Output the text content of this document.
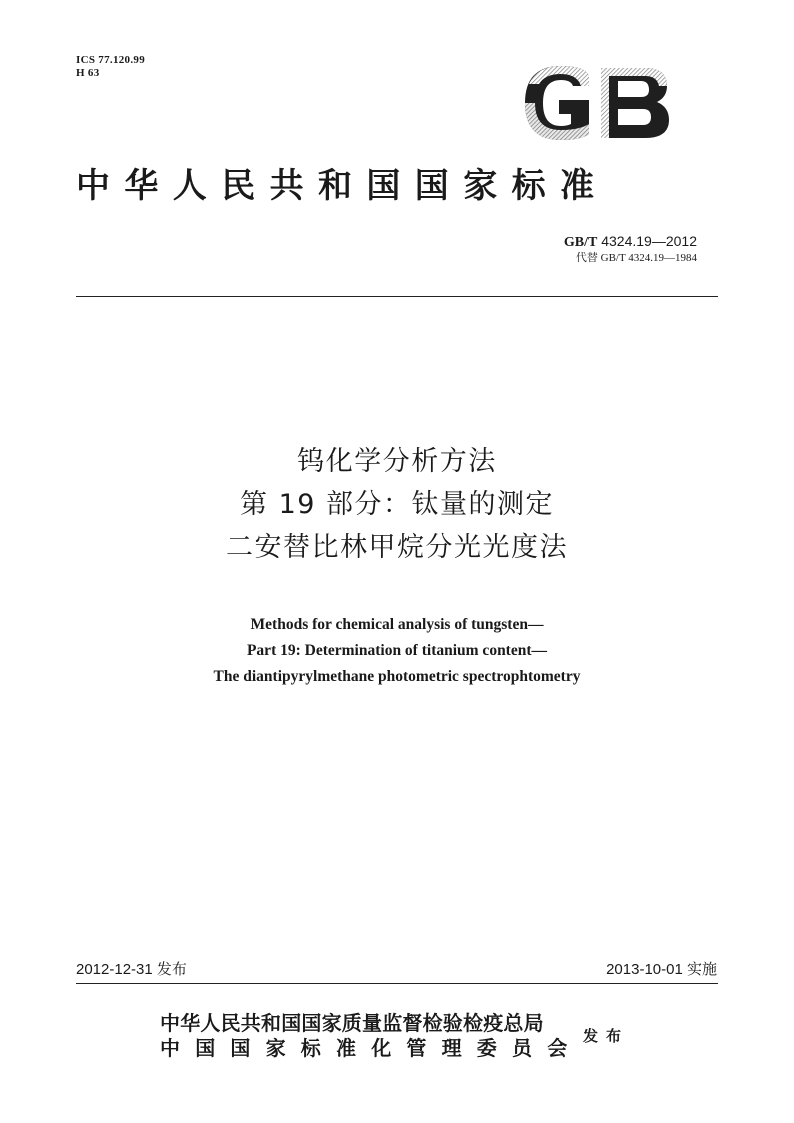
ICS 77.120.99
H 63
中华人民共和国国家标准
GB/T 4324.19—2012
代替 GB/T 4324.19—1984
钨化学分析方法
第 19 部分：钛量的测定
二安替比林甲烷分光光度法
Methods for chemical analysis of tungsten—
Part 19: Determination of titanium content—
The diantipyrylmethane photometric spectrophtometry
2012-12-31 发布	2013-10-01 实施
中华人民共和国国家质量监督检验检疫总局
中国国家标准化管理委员会 发布
